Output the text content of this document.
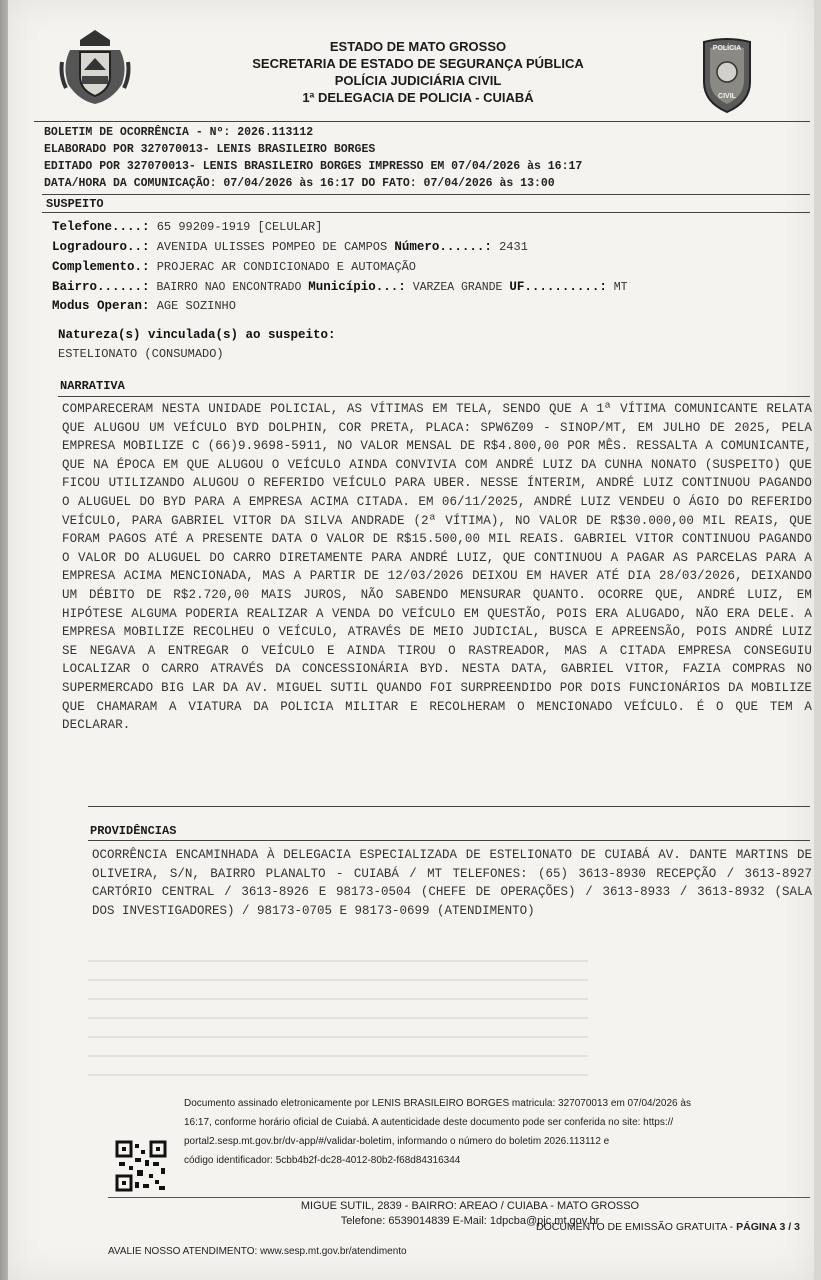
ESTADO DE MATO GROSSO
SECRETARIA DE ESTADO DE SEGURANÇA PÚBLICA
POLÍCIA JUDICIÁRIA CIVIL
1ª DELEGACIA DE POLICIA - CUIABÁ
POLÍCIA
CIVIL
BOLETIM DE OCORRÊNCIA - Nº: 2026.113112
ELABORADO POR 327070013- LENIS BRASILEIRO BORGES
EDITADO POR 327070013- LENIS BRASILEIRO BORGES IMPRESSO EM 07/04/2026 às 16:17
DATA/HORA DA COMUNICAÇÃO: 07/04/2026 às 16:17 DO FATO: 07/04/2026 às 13:00
SUSPEITO
Telefone....: 65 99209-1919 [CELULAR]
Logradouro..: AVENIDA ULISSES POMPEO DE CAMPOS Número......: 2431
Complemento.: PROJERAC AR CONDICIONADO E AUTOMAÇÃO
Bairro......: BAIRRO NAO ENCONTRADO Município...: VARZEA GRANDE UF..........: MT
Modus Operan: AGE SOZINHO
Natureza(s) vinculada(s) ao suspeito:
ESTELIONATO (CONSUMADO)
NARRATIVA
COMPARECERAM NESTA UNIDADE POLICIAL, AS VÍTIMAS EM TELA, SENDO QUE A 1ª VÍTIMA COMUNICANTE RELATA QUE ALUGOU UM VEÍCULO BYD DOLPHIN, COR PRETA, PLACA: SPW6Z09 - SINOP/MT, EM JULHO DE 2025, PELA EMPRESA MOBILIZE C (66)9.9698-5911, NO VALOR MENSAL DE R$4.800,00 POR MÊS. RESSALTA A COMUNICANTE, QUE NA ÉPOCA EM QUE ALUGOU O VEÍCULO AINDA CONVIVIA COM ANDRÉ LUIZ DA CUNHA NONATO (SUSPEITO) QUE FICOU UTILIZANDO ALUGOU O REFERIDO VEÍCULO PARA UBER. NESSE ÍNTERIM, ANDRÉ LUIZ CONTINUOU PAGANDO O ALUGUEL DO BYD PARA A EMPRESA ACIMA CITADA. EM 06/11/2025, ANDRÉ LUIZ VENDEU O ÁGIO DO REFERIDO VEÍCULO, PARA GABRIEL VITOR DA SILVA ANDRADE (2ª VÍTIMA), NO VALOR DE R$30.000,00 MIL REAIS, QUE FORAM PAGOS ATÉ A PRESENTE DATA O VALOR DE R$15.500,00 MIL REAIS. GABRIEL VITOR CONTINUOU PAGANDO O VALOR DO ALUGUEL DO CARRO DIRETAMENTE PARA ANDRÉ LUIZ, QUE CONTINUOU A PAGAR AS PARCELAS PARA A EMPRESA ACIMA MENCIONADA, MAS A PARTIR DE 12/03/2026 DEIXOU EM HAVER ATÉ DIA 28/03/2026, DEIXANDO UM DÉBITO DE R$2.720,00 MAIS JUROS, NÃO SABENDO MENSURAR QUANTO. OCORRE QUE, ANDRÉ LUIZ, EM HIPÓTESE ALGUMA PODERIA REALIZAR A VENDA DO VEÍCULO EM QUESTÃO, POIS ERA ALUGADO, NÃO ERA DELE. A EMPRESA MOBILIZE RECOLHEU O VEÍCULO, ATRAVÉS DE MEIO JUDICIAL, BUSCA E APREENSÃO, POIS ANDRÉ LUIZ SE NEGAVA A ENTREGAR O VEÍCULO E AINDA TIROU O RASTREADOR, MAS A CITADA EMPRESA CONSEGUIU LOCALIZAR O CARRO ATRAVÉS DA CONCESSIONÁRIA BYD. NESTA DATA, GABRIEL VITOR, FAZIA COMPRAS NO SUPERMERCADO BIG LAR DA AV. MIGUEL SUTIL QUANDO FOI SURPREENDIDO POR DOIS FUNCIONÁRIOS DA MOBILIZE QUE CHAMARAM A VIATURA DA POLICIA MILITAR E RECOLHERAM O MENCIONADO VEÍCULO. É O QUE TEM A DECLARAR.
PROVIDÊNCIAS
OCORRÊNCIA ENCAMINHADA À DELEGACIA ESPECIALIZADA DE ESTELIONATO DE CUIABÁ AV. DANTE MARTINS DE OLIVEIRA, S/N, BAIRRO PLANALTO - CUIABÁ / MT TELEFONES: (65) 3613-8930 RECEPÇÃO / 3613-8927 CARTÓRIO CENTRAL / 3613-8926 E 98173-0504 (CHEFE DE OPERAÇÕES) / 3613-8933 / 3613-8932 (SALA DOS INVESTIGADORES) / 98173-0705 E 98173-0699 (ATENDIMENTO)
Documento assinado eletronicamente por LENIS BRASILEIRO BORGES matricula: 327070013 em 07/04/2026 às
16:17, conforme horário oficial de Cuiabá. A autenticidade deste documento pode ser conferida no site: https://
portal2.sesp.mt.gov.br/dv-app/#/validar-boletim, informando o número do boletim 2026.113112 e
código identificador: 5cbb4b2f-dc28-4012-80b2-f68d84316344
MIGUE SUTIL, 2839 - BAIRRO: AREAO / CUIABA - MATO GROSSO
Telefone: 6539014839 E-Mail: 1dpcba@pjc.mt.gov.br
DOCUMENTO DE EMISSÃO GRATUITA - PÁGINA 3 / 3
AVALIE NOSSO ATENDIMENTO: www.sesp.mt.gov.br/atendimento
